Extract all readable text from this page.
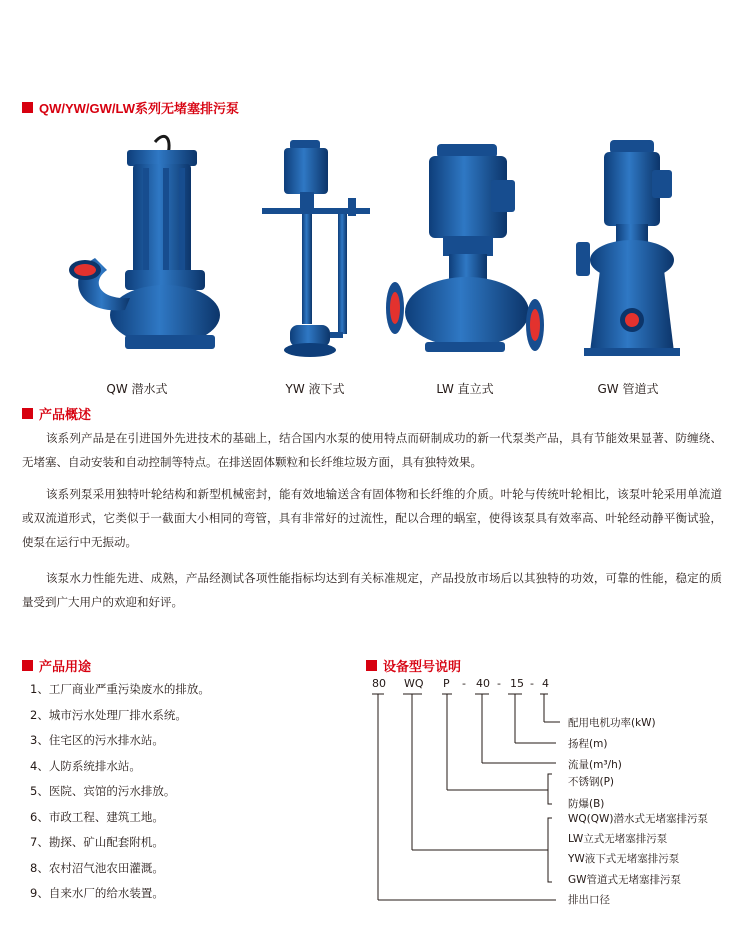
QW/YW/GW/LW系列无堵塞排污泵
QW 潜水式	YW 液下式	LW 直立式	GW 管道式
产品概述

该系列产品是在引进国外先进技术的基础上，结合国内水泵的使用特点而研制成功的新一代泵类产品，具有节能效果显著、防缠绕、无堵塞、自动安装和自动控制等特点。在排送固体颗粒和长纤维垃圾方面，具有独特效果。

该系列泵采用独特叶轮结构和新型机械密封，能有效地输送含有固体物和长纤维的介质。叶轮与传统叶轮相比，该泵叶轮采用单流道或双流道形式，它类似于一截面大小相同的弯管，具有非常好的过流性，配以合理的蜗室，使得该泵具有效率高、叶轮经动静平衡试验，使泵在运行中无振动。

该泵水力性能先进、成熟，产品经测试各项性能指标均达到有关标准规定，产品投放市场后以其独特的功效，可靠的性能，稳定的质量受到广大用户的欢迎和好评。

产品用途
1、工厂商业严重污染废水的排放。
2、城市污水处理厂排水系统。
3、住宅区的污水排水站。
4、人防系统排水站。
5、医院、宾馆的污水排放。
6、市政工程、建筑工地。
7、勘探、矿山配套附机。
8、农村沼气池农田灌溉。
9、自来水厂的给水装置。
设备型号说明
80 WQ P - 40 - 15 - 4
配用电机功率(kW)
扬程(m)
流量(m³/h)
不锈钢(P)
防爆(B)
WQ(QW)潜水式无堵塞排污泵
LW立式无堵塞排污泵
YW液下式无堵塞排污泵
GW管道式无堵塞排污泵
排出口径
